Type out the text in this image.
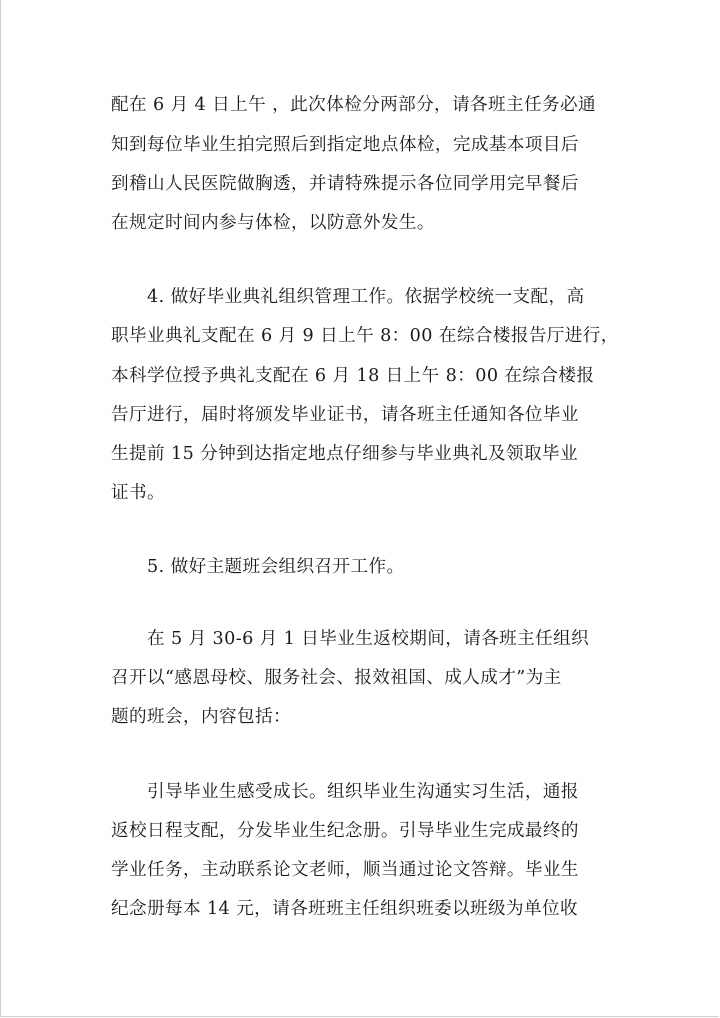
配在 6 月 4 日上午 ，此次体检分两部分，请各班主任务必通
知到每位毕业生拍完照后到指定地点体检，完成基本项目后
到稽山人民医院做胸透，并请特殊提示各位同学用完早餐后
在规定时间内参与体检，以防意外发生。
4. 做好毕业典礼组织管理工作。依据学校统一支配，高
职毕业典礼支配在 6 月 9 日上午 8：00 在综合楼报告厅进行，
本科学位授予典礼支配在 6 月 18 日上午 8：00 在综合楼报
告厅进行，届时将颁发毕业证书，请各班主任通知各位毕业
生提前 15 分钟到达指定地点仔细参与毕业典礼及领取毕业
证书。
5. 做好主题班会组织召开工作。
在 5 月 30-6 月 1 日毕业生返校期间，请各班主任组织
召开以“感恩母校、服务社会、报效祖国、成人成才”为主
题的班会，内容包括：
引导毕业生感受成长。组织毕业生沟通实习生活，通报
返校日程支配，分发毕业生纪念册。引导毕业生完成最终的
学业任务，主动联系论文老师，顺当通过论文答辩。毕业生
纪念册每本 14 元，请各班班主任组织班委以班级为单位收
